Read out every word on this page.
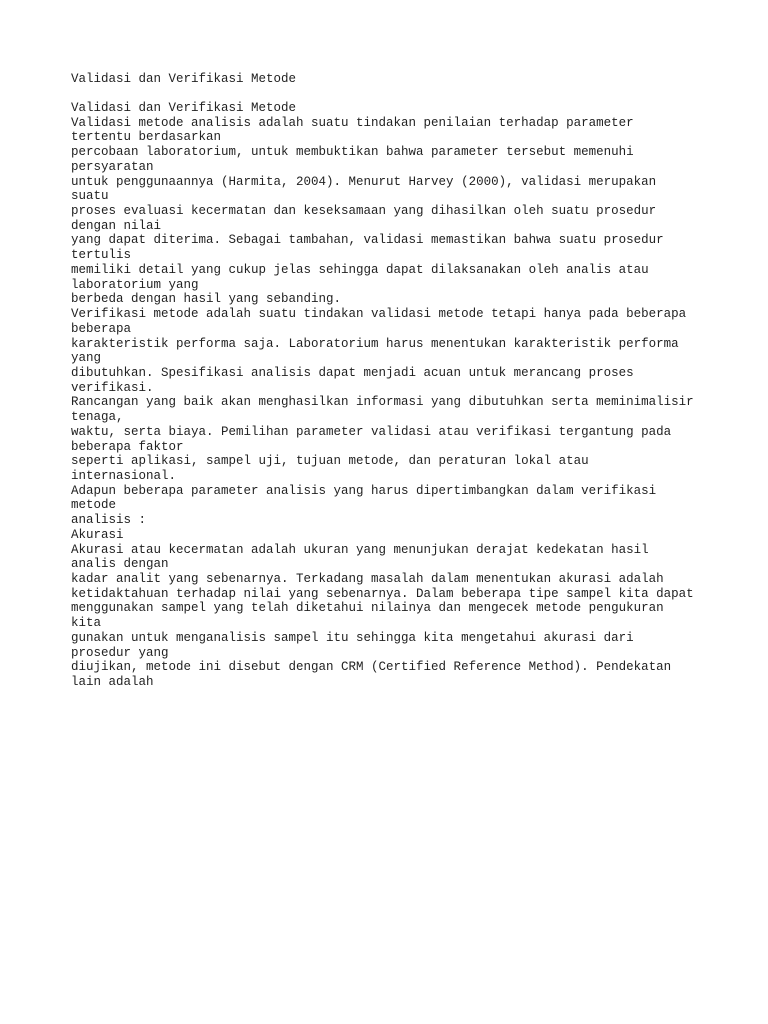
Validasi dan Verifikasi Metode
Validasi dan Verifikasi Metode
Validasi metode analisis adalah suatu tindakan penilaian terhadap parameter
tertentu berdasarkan
percobaan laboratorium, untuk membuktikan bahwa parameter tersebut memenuhi
persyaratan
untuk penggunaannya (Harmita, 2004). Menurut Harvey (2000), validasi merupakan
suatu
proses evaluasi kecermatan dan keseksamaan yang dihasilkan oleh suatu prosedur
dengan nilai
yang dapat diterima. Sebagai tambahan, validasi memastikan bahwa suatu prosedur
tertulis
memiliki detail yang cukup jelas sehingga dapat dilaksanakan oleh analis atau
laboratorium yang
berbeda dengan hasil yang sebanding.
Verifikasi metode adalah suatu tindakan validasi metode tetapi hanya pada beberapa
beberapa
karakteristik performa saja. Laboratorium harus menentukan karakteristik performa
yang
dibutuhkan. Spesifikasi analisis dapat menjadi acuan untuk merancang proses
verifikasi.
Rancangan yang baik akan menghasilkan informasi yang dibutuhkan serta meminimalisir
tenaga,
waktu, serta biaya. Pemilihan parameter validasi atau verifikasi tergantung pada
beberapa faktor
seperti aplikasi, sampel uji, tujuan metode, dan peraturan lokal atau
internasional.
Adapun beberapa parameter analisis yang harus dipertimbangkan dalam verifikasi
metode
analisis :
Akurasi
Akurasi atau kecermatan adalah ukuran yang menunjukan derajat kedekatan hasil
analis dengan
kadar analit yang sebenarnya. Terkadang masalah dalam menentukan akurasi adalah
ketidaktahuan terhadap nilai yang sebenarnya. Dalam beberapa tipe sampel kita dapat
menggunakan sampel yang telah diketahui nilainya dan mengecek metode pengukuran
kita
gunakan untuk menganalisis sampel itu sehingga kita mengetahui akurasi dari
prosedur yang
diujikan, metode ini disebut dengan CRM (Certified Reference Method). Pendekatan
lain adalah
